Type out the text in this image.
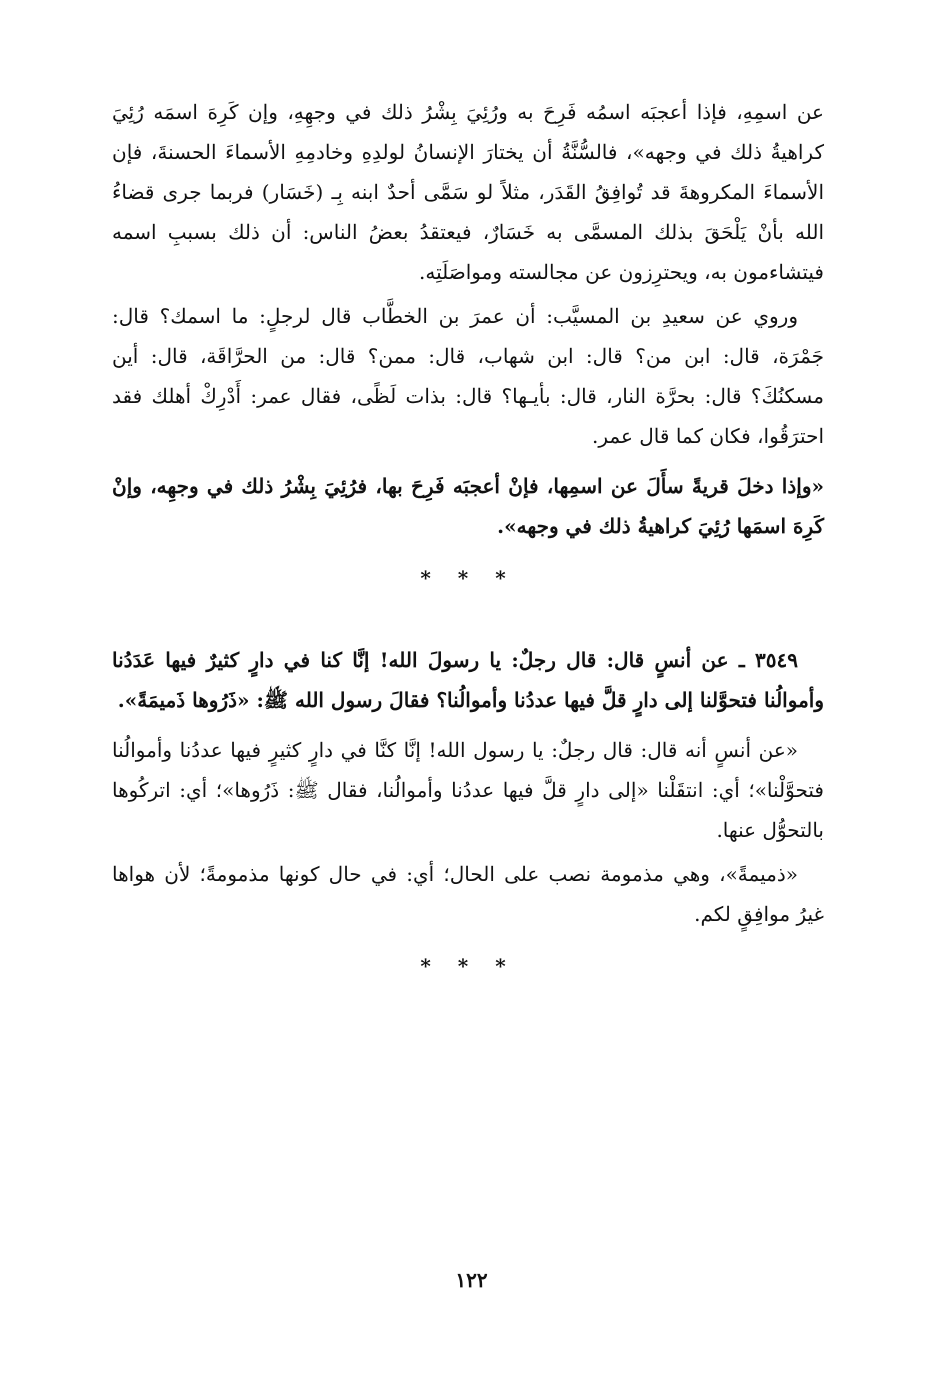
عن اسمِهِ، فإذا أعجبَه اسمُه فَرِحَ به ورُئِيَ بِشْرُ ذلك في وجهِهِ، وإن كَرِهَ اسمَه رُئِيَ كراهيةُ ذلك في وجهه»، فالسُّنَّةُ أن يختارَ الإنسانُ لولدِهِ وخادمِهِ الأسماءَ الحسنةَ، فإن الأسماءَ المكروهةَ قد تُوافِقُ القَدَر، مثلاً لو سَمَّى أحدٌ ابنه بِـ (خَسَار) فربما جرى قضاءُ الله بأنْ يَلْحَقَ بذلك المسمَّى به خَسَارٌ، فيعتقدُ بعضُ الناس: أن ذلك بسببِ اسمه فيتشاءمون به، ويحترِزون عن مجالسته ومواصَلَتِه.

وروي عن سعيدِ بن المسيَّب: أن عمرَ بن الخطَّاب قال لرجلٍ: ما اسمك؟ قال: جَمْرَة، قال: ابن من؟ قال: ابن شهاب، قال: ممن؟ قال: من الحرَّاقَة، قال: أين مسكنُكَ؟ قال: بحرَّة النار، قال: بأيـها؟ قال: بذات لَظًى، فقال عمر: أَدْرِكْ أهلك فقد احترَقُوا، فكان كما قال عمر.

«وإذا دخلَ قريةً سأَلَ عن اسمِها، فإنْ أعجبَه فَرِحَ بها، فرُئِيَ بِشْرُ ذلك في وجهِه، وإنْ كَرِهَ اسمَها رُئِيَ كراهيةُ ذلك في وجهه».

* * *

٣٥٤٩ ـ عن أنسٍ قال: قال رجلٌ: يا رسولَ الله! إنَّا كنا في دارٍ كثيرٌ فيها عَدَدُنا وأموالُنا فتحوَّلنا إلى دارٍ قلَّ فيها عددُنا وأموالُنا؟ فقالَ رسول الله ﷺ: «ذَرُوها ذَميمَةً».

«عن أنسٍ أنه قال: قال رجلٌ: يا رسول الله! إنَّا كنَّا في دارٍ كثيرٍ فيها عددُنا وأموالُنا فتحوَّلْنا»؛ أي: انتقَلْنا «إلى دارٍ قلَّ فيها عددُنا وأموالُنا، فقال ﷺ: ذَرُوها»؛ أي: اتركُوها بالتحوُّل عنها.

«ذميمةً»، وهي مذمومة نصب على الحال؛ أي: في حال كونها مذمومةً؛ لأن هواها غيرُ موافِقٍ لكم.

* * *
١٢٢
